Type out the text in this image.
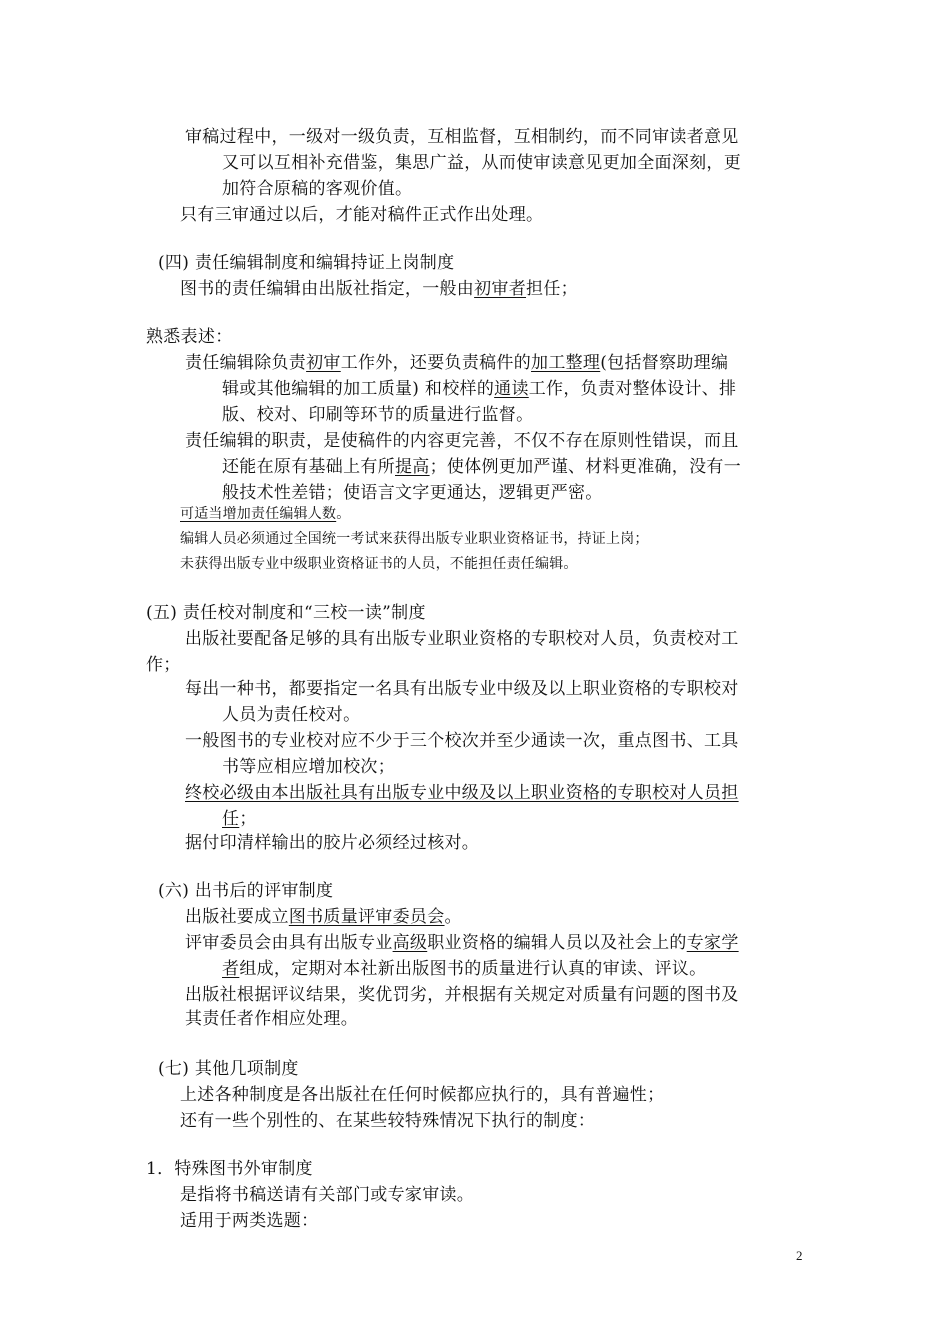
审稿过程中，一级对一级负责，互相监督，互相制约，而不同审读者意见
又可以互相补充借鉴，集思广益，从而使审读意见更加全面深刻，更
加符合原稿的客观价值。
只有三审通过以后，才能对稿件正式作出处理。
(四) 责任编辑制度和编辑持证上岗制度
图书的责任编辑由出版社指定，一般由初审者担任；
熟悉表述：
责任编辑除负责初审工作外，还要负责稿件的加工整理(包括督察助理编
辑或其他编辑的加工质量) 和校样的通读工作，负责对整体设计、排
版、校对、印刷等环节的质量进行监督。
责任编辑的职责，是使稿件的内容更完善，不仅不存在原则性错误，而且
还能在原有基础上有所提高；使体例更加严谨、材料更准确，没有一
般技术性差错；使语言文字更通达，逻辑更严密。
可适当增加责任编辑人数。
编辑人员必须通过全国统一考试来获得出版专业职业资格证书，持证上岗；
未获得出版专业中级职业资格证书的人员，不能担任责任编辑。
(五) 责任校对制度和“三校一读”制度
出版社要配备足够的具有出版专业职业资格的专职校对人员，负责校对工
作；
每出一种书，都要指定一名具有出版专业中级及以上职业资格的专职校对
人员为责任校对。
一般图书的专业校对应不少于三个校次并至少通读一次，重点图书、工具
书等应相应增加校次；
终校必级由本出版社具有出版专业中级及以上职业资格的专职校对人员担
任；
据付印清样输出的胶片必须经过核对。
(六) 出书后的评审制度
出版社要成立图书质量评审委员会。
评审委员会由具有出版专业高级职业资格的编辑人员以及社会上的专家学
者组成，定期对本社新出版图书的质量进行认真的审读、评议。
出版社根据评议结果，奖优罚劣，并根据有关规定对质量有问题的图书及
其责任者作相应处理。
(七) 其他几项制度
上述各种制度是各出版社在任何时候都应执行的，具有普遍性；
还有一些个别性的、在某些较特殊情况下执行的制度：
1．特殊图书外审制度
是指将书稿送请有关部门或专家审读。
适用于两类选题：
2
